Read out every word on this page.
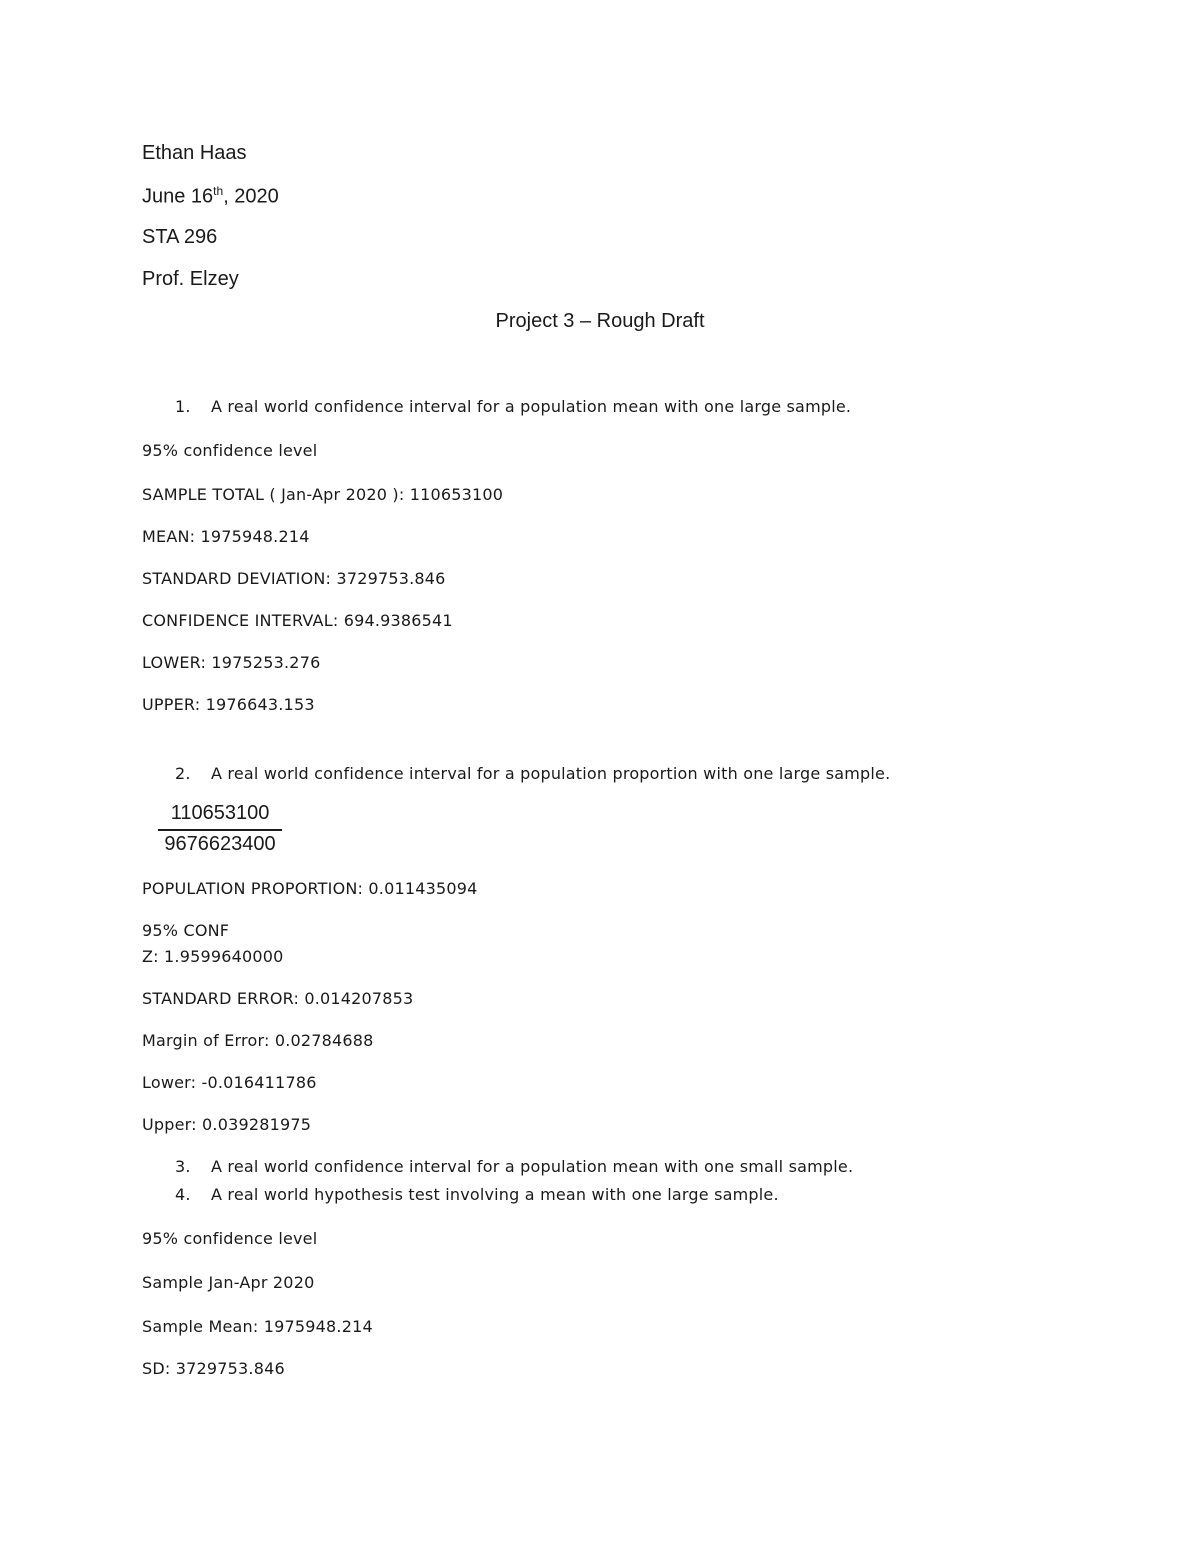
Ethan Haas
June 16th, 2020
STA 296
Prof. Elzey
Project 3 – Rough Draft
1. A real world confidence interval for a population mean with one large sample.
95% confidence level
SAMPLE TOTAL ( Jan-Apr 2020 ): 110653100
MEAN: 1975948.214
STANDARD DEVIATION: 3729753.846
CONFIDENCE INTERVAL: 694.9386541
LOWER: 1975253.276
UPPER: 1976643.153
2. A real world confidence interval for a population proportion with one large sample.
110653100
9676623400
POPULATION PROPORTION: 0.011435094
95% CONF
Z: 1.9599640000
STANDARD ERROR: 0.014207853
Margin of Error: 0.02784688
Lower: -0.016411786
Upper: 0.039281975
3. A real world confidence interval for a population mean with one small sample.
4. A real world hypothesis test involving a mean with one large sample.
95% confidence level
Sample Jan-Apr 2020
Sample Mean: 1975948.214
SD: 3729753.846
